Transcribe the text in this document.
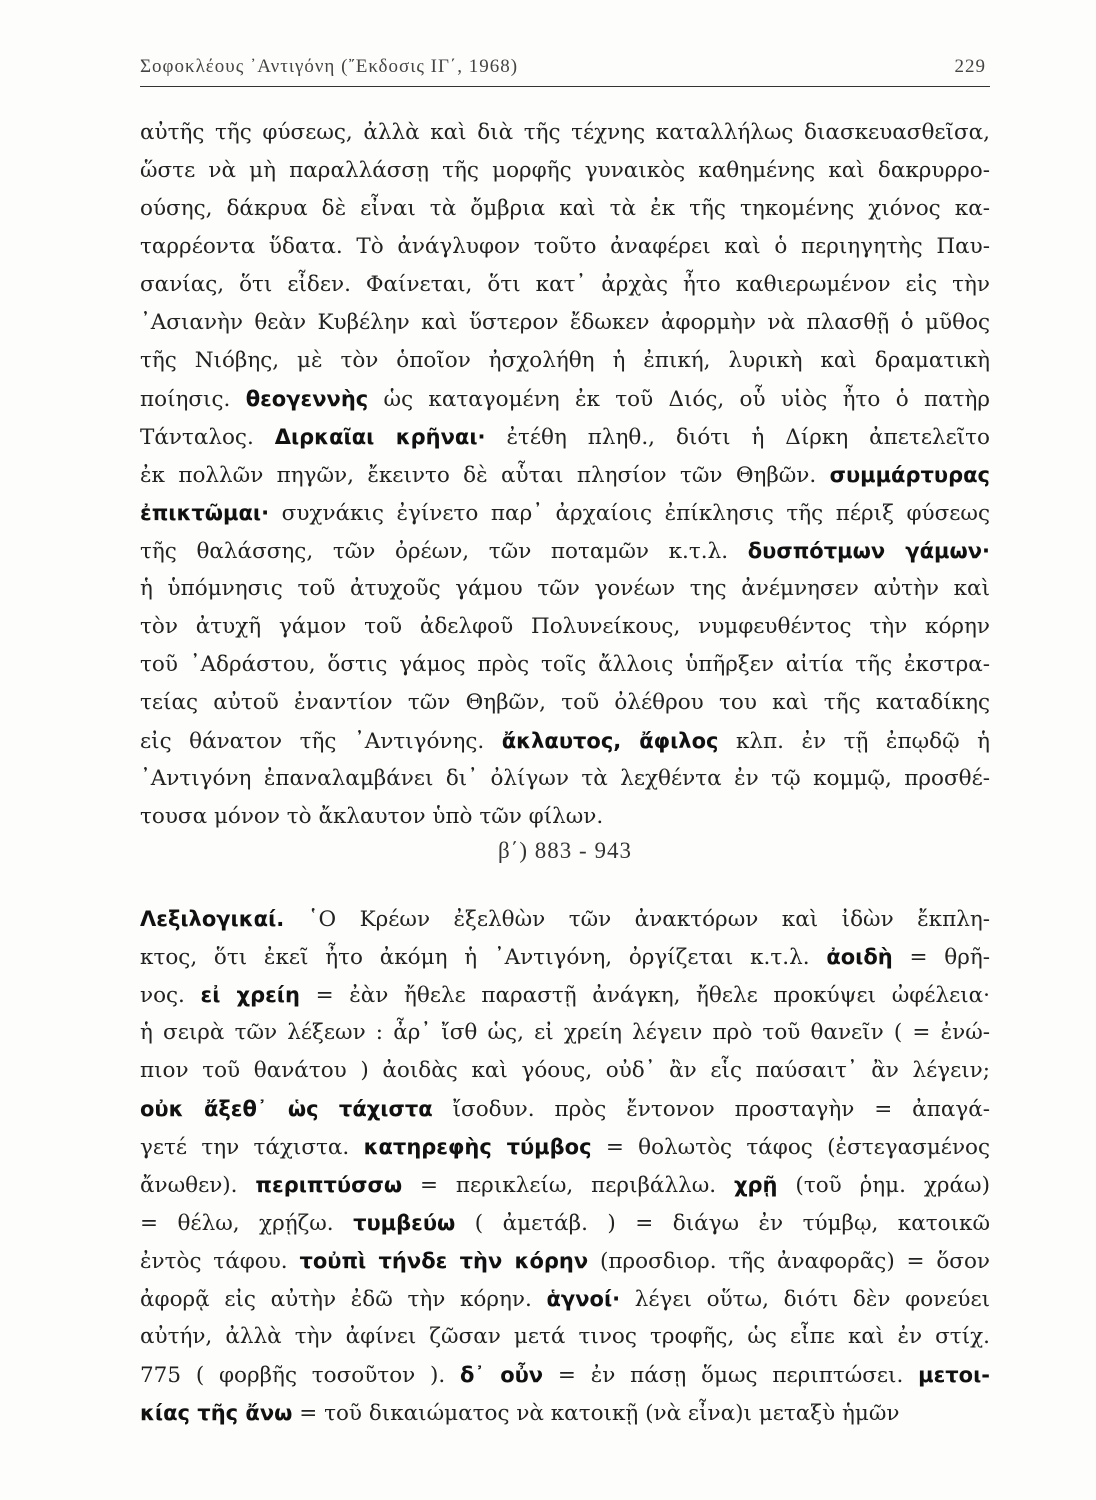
Σοφοκλέους ᾽Αντιγόνη (῎Εκδοσις ΙΓ΄, 1968)	229
αὐτῆς τῆς φύσεως, ἀλλὰ καὶ διὰ τῆς τέχνης καταλλήλως διασκευασθεῖσα,
ὥστε νὰ μὴ παραλλάσσῃ τῆς μορφῆς γυναικὸς καθημένης καὶ δακρυρρο-
ούσης, δάκρυα δὲ εἶναι τὰ ὄμβρια καὶ τὰ ἐκ τῆς τηκομένης χιόνος κα-
ταρρέοντα ὕδατα. Τὸ ἀνάγλυφον τοῦτο ἀναφέρει καὶ ὁ περιηγητὴς Παυ-
σανίας, ὅτι εἶδεν. Φαίνεται, ὅτι κατ᾽ ἀρχὰς ἦτο καθιερωμένον εἰς τὴν
᾽Ασιανὴν θεὰν Κυβέλην καὶ ὕστερον ἔδωκεν ἀφορμὴν νὰ πλασθῇ ὁ μῦθος
τῆς Νιόβης, μὲ τὸν ὁποῖον ἠσχολήθη ἡ ἐπική, λυρικὴ καὶ δραματικὴ
ποίησις. θεογεννὴς ὡς καταγομένη ἐκ τοῦ Διός, οὗ υἱὸς ἦτο ὁ πατὴρ
Τάνταλος. Διρκαῖαι κρῆναι· ἐτέθη πληθ., διότι ἡ Δίρκη ἀπετελεῖτο
ἐκ πολλῶν πηγῶν, ἔκειντο δὲ αὗται πλησίον τῶν Θηβῶν. συμμάρτυρας
ἐπικτῶμαι· συχνάκις ἐγίνετο παρ᾽ ἀρχαίοις ἐπίκλησις τῆς πέριξ φύσεως
τῆς θαλάσσης, τῶν ὀρέων, τῶν ποταμῶν κ.τ.λ. δυσπότμων γάμων·
ἡ ὑπόμνησις τοῦ ἀτυχοῦς γάμου τῶν γονέων της ἀνέμνησεν αὐτὴν καὶ
τὸν ἀτυχῆ γάμον τοῦ ἀδελφοῦ Πολυνείκους, νυμφευθέντος τὴν κόρην
τοῦ ᾽Αδράστου, ὅστις γάμος πρὸς τοῖς ἄλλοις ὑπῆρξεν αἰτία τῆς ἐκστρα-
τείας αὐτοῦ ἐναντίον τῶν Θηβῶν, τοῦ ὀλέθρου του καὶ τῆς καταδίκης
εἰς θάνατον τῆς ᾽Αντιγόνης. ἄκλαυτος, ἄφιλος κλπ. ἐν τῇ ἐπῳδῷ ἡ
᾽Αντιγόνη ἐπαναλαμβάνει δι᾽ ὀλίγων τὰ λεχθέντα ἐν τῷ κομμῷ, προσθέ-
τουσα μόνον τὸ ἄκλαυτον ὑπὸ τῶν φίλων.
β΄) 883 - 943
Λεξιλογικαί. ῾Ο Κρέων ἐξελθὼν τῶν ἀνακτόρων καὶ ἰδὼν ἔκπλη-
κτος, ὅτι ἐκεῖ ἦτο ἀκόμη ἡ ᾽Αντιγόνη, ὀργίζεται κ.τ.λ. ἀοιδὴ = θρῆ-
νος. εἰ χρείη = ἐὰν ἤθελε παραστῇ ἀνάγκη, ἤθελε προκύψει ὠφέλεια·
ἡ σειρὰ τῶν λέξεων : ἆρ᾽ ἴσθ ὡς, εἰ χρείη λέγειν πρὸ τοῦ θανεῖν ( = ἐνώ-
πιον τοῦ θανάτου ) ἀοιδὰς καὶ γόους, οὐδ᾽ ἂν εἷς παύσαιτ᾽ ἂν λέγειν;
οὐκ ἄξεθ᾽ ὡς τάχιστα ἴσοδυν. πρὸς ἔντονον προσταγὴν = ἀπαγά-
γετέ την τάχιστα. κατηρεφὴς τύμβος = θολωτὸς τάφος (ἐστεγασμένος
ἄνωθεν). περιπτύσσω = περικλείω, περιβάλλω. χρῇ (τοῦ ῥημ. χράω)
= θέλω, χρῄζω. τυμβεύω ( ἀμετάβ. ) = διάγω ἐν τύμβῳ, κατοικῶ
ἐντὸς τάφου. τοὐπὶ τήνδε τὴν κόρην (προσδιορ. τῆς ἀναφορᾶς) = ὅσον
ἀφορᾷ εἰς αὐτὴν ἐδῶ τὴν κόρην. ἁγνοί· λέγει οὕτω, διότι δὲν φονεύει
αὐτήν, ἀλλὰ τὴν ἀφίνει ζῶσαν μετά τινος τροφῆς, ὡς εἶπε καὶ ἐν στίχ.
775 ( φορβῆς τοσοῦτον ). δ᾽ οὖν = ἐν πάσῃ ὅμως περιπτώσει. μετοι-
κίας τῆς ἄνω = τοῦ δικαιώματος νὰ κατοικῇ (νὰ εἶνα)ι μεταξὺ ἡμῶν
